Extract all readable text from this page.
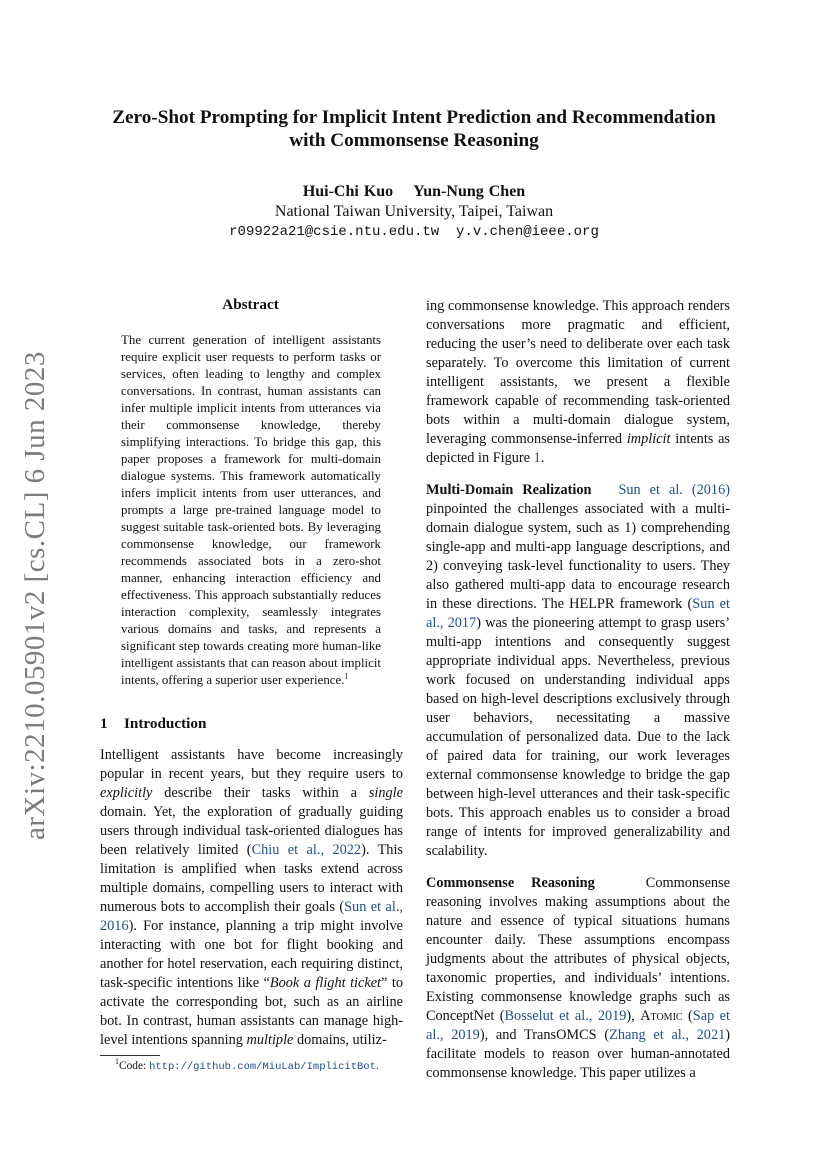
Zero-Shot Prompting for Implicit Intent Prediction and Recommendation
with Commonsense Reasoning
Hui-Chi Kuo Yun-Nung Chen
National Taiwan University, Taipei, Taiwan
r09922a21@csie.ntu.edu.tw y.v.chen@ieee.org
arXiv:2210.05901v2 [cs.CL] 6 Jun 2023
Abstract
The current generation of intelligent assistants require explicit user requests to perform tasks or services, often leading to lengthy and complex conversations. In contrast, human assistants can infer multiple implicit intents from utterances via their commonsense knowledge, thereby simplifying interactions. To bridge this gap, this paper proposes a framework for multi-domain dialogue systems. This framework automatically infers implicit intents from user utterances, and prompts a large pre-trained language model to suggest suitable task-oriented bots. By leveraging commonsense knowledge, our framework recommends associated bots in a zero-shot manner, enhancing interaction efficiency and effectiveness. This approach substantially reduces interaction complexity, seamlessly integrates various domains and tasks, and represents a significant step towards creating more human-like intelligent assistants that can reason about implicit intents, offering a superior user experience.$^1$
1 Introduction
Intelligent assistants have become increasingly popular in recent years, but they require users to explicitly describe their tasks within a single domain. Yet, the exploration of gradually guiding users through individual task-oriented dialogues has been relatively limited (Chiu et al., 2022). This limitation is amplified when tasks extend across multiple domains, compelling users to interact with numerous bots to accomplish their goals (Sun et al., 2016). For instance, planning a trip might involve interacting with one bot for flight booking and another for hotel reservation, each requiring distinct, task-specific intentions like “Book a flight ticket” to activate the corresponding bot, such as an airline bot. In contrast, human assistants can manage high-level intentions spanning multiple domains, utiliz-

ing commonsense knowledge. This approach renders conversations more pragmatic and efficient, reducing the user’s need to deliberate over each task separately. To overcome this limitation of current intelligent assistants, we present a flexible framework capable of recommending task-oriented bots within a multi-domain dialogue system, leveraging commonsense-inferred implicit intents as depicted in Figure 1.

Multi-Domain Realization Sun et al. (2016) pinpointed the challenges associated with a multi-domain dialogue system, such as 1) comprehending single-app and multi-app language descriptions, and 2) conveying task-level functionality to users. They also gathered multi-app data to encourage research in these directions. The HELPR framework (Sun et al., 2017) was the pioneering attempt to grasp users’ multi-app intentions and consequently suggest appropriate individual apps. Nevertheless, previous work focused on understanding individual apps based on high-level descriptions exclusively through user behaviors, necessitating a massive accumulation of personalized data. Due to the lack of paired data for training, our work leverages external commonsense knowledge to bridge the gap between high-level utterances and their task-specific bots. This approach enables us to consider a broad range of intents for improved generalizability and scalability.

Commonsense Reasoning	Commonsense reasoning involves making assumptions about the nature and essence of typical situations humans encounter daily. These assumptions encompass judgments about the attributes of physical objects, taxonomic properties, and individuals’ intentions. Existing commonsense knowledge graphs such as ConceptNet (Bosselut et al., 2019), Atomic (Sap et al., 2019), and TransOMCS (Zhang et al., 2021) facilitate models to reason over human-annotated commonsense knowledge. This paper utilizes a

$^1$Code: http://github.com/MiuLab/ImplicitBot.
